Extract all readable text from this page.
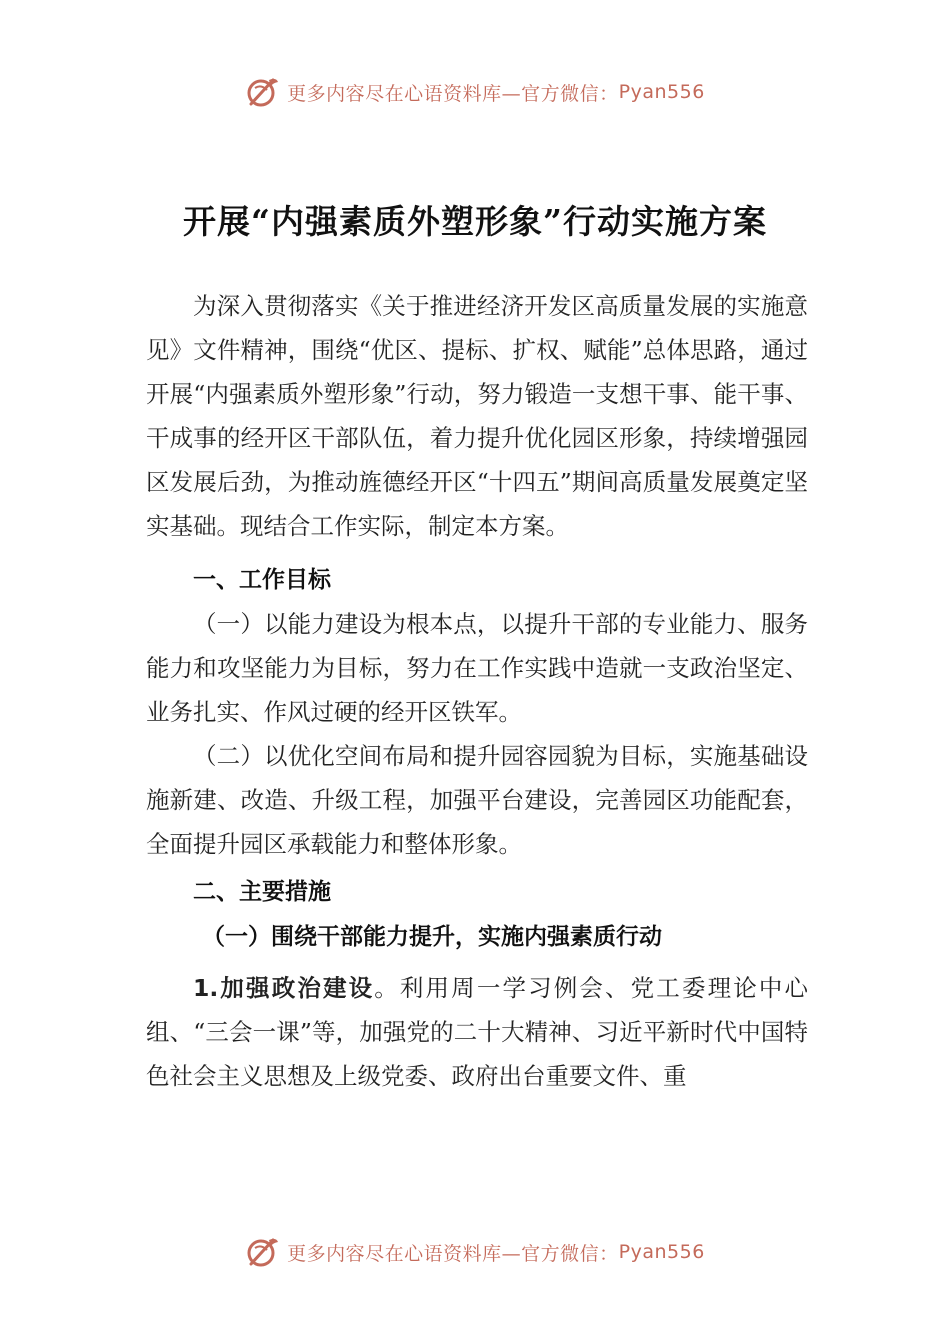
更多内容尽在心语资料库—官方微信： Pyan556
开展“内强素质外塑形象”行动实施方案

为深入贯彻落实《关于推进经济开发区高质量发展的实施意见》文件精神，围绕“优区、提标、扩权、赋能”总体思路，通过开展“内强素质外塑形象”行动，努力锻造一支想干事、能干事、干成事的经开区干部队伍，着力提升优化园区形象，持续增强园区发展后劲，为推动旌德经开区“十四五”期间高质量发展奠定坚实基础。现结合工作实际，制定本方案。

一、工作目标

（一）以能力建设为根本点，以提升干部的专业能力、服务能力和攻坚能力为目标，努力在工作实践中造就一支政治坚定、业务扎实、作风过硬的经开区铁军。

（二）以优化空间布局和提升园容园貌为目标，实施基础设施新建、改造、升级工程，加强平台建设，完善园区功能配套，全面提升园区承载能力和整体形象。

二、主要措施

（一）围绕干部能力提升，实施内强素质行动

1.加强政治建设。利用周一学习例会、党工委理论中心组、“三会一课”等，加强党的二十大精神、习近平新时代中国特色社会主义思想及上级党委、政府出台重要文件、重

更多内容尽在心语资料库—官方微信： Pyan556
